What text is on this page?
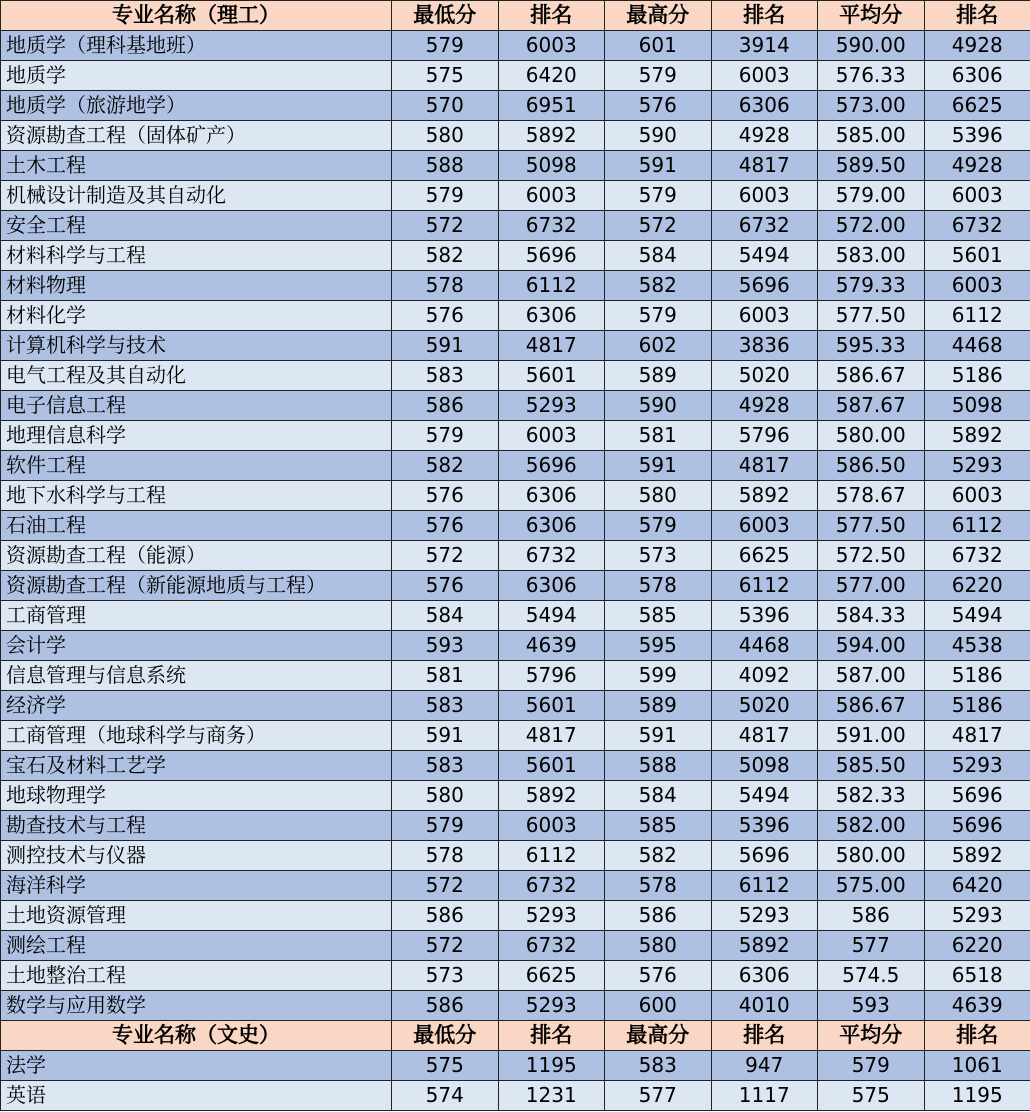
专业名称（理工）	最低分	排名	最高分	排名	平均分	排名
地质学（理科基地班）	579	6003	601	3914	590.00	4928
地质学	575	6420	579	6003	576.33	6306
地质学（旅游地学）	570	6951	576	6306	573.00	6625
资源勘查工程（固体矿产）	580	5892	590	4928	585.00	5396
土木工程	588	5098	591	4817	589.50	4928
机械设计制造及其自动化	579	6003	579	6003	579.00	6003
安全工程	572	6732	572	6732	572.00	6732
材料科学与工程	582	5696	584	5494	583.00	5601
材料物理	578	6112	582	5696	579.33	6003
材料化学	576	6306	579	6003	577.50	6112
计算机科学与技术	591	4817	602	3836	595.33	4468
电气工程及其自动化	583	5601	589	5020	586.67	5186
电子信息工程	586	5293	590	4928	587.67	5098
地理信息科学	579	6003	581	5796	580.00	5892
软件工程	582	5696	591	4817	586.50	5293
地下水科学与工程	576	6306	580	5892	578.67	6003
石油工程	576	6306	579	6003	577.50	6112
资源勘查工程（能源）	572	6732	573	6625	572.50	6732
资源勘查工程（新能源地质与工程）	576	6306	578	6112	577.00	6220
工商管理	584	5494	585	5396	584.33	5494
会计学	593	4639	595	4468	594.00	4538
信息管理与信息系统	581	5796	599	4092	587.00	5186
经济学	583	5601	589	5020	586.67	5186
工商管理（地球科学与商务）	591	4817	591	4817	591.00	4817
宝石及材料工艺学	583	5601	588	5098	585.50	5293
地球物理学	580	5892	584	5494	582.33	5696
勘查技术与工程	579	6003	585	5396	582.00	5696
测控技术与仪器	578	6112	582	5696	580.00	5892
海洋科学	572	6732	578	6112	575.00	6420
土地资源管理	586	5293	586	5293	586	5293
测绘工程	572	6732	580	5892	577	6220
土地整治工程	573	6625	576	6306	574.5	6518
数学与应用数学	586	5293	600	4010	593	4639
专业名称（文史）	最低分	排名	最高分	排名	平均分	排名
法学	575	1195	583	947	579	1061
英语	574	1231	577	1117	575	1195
